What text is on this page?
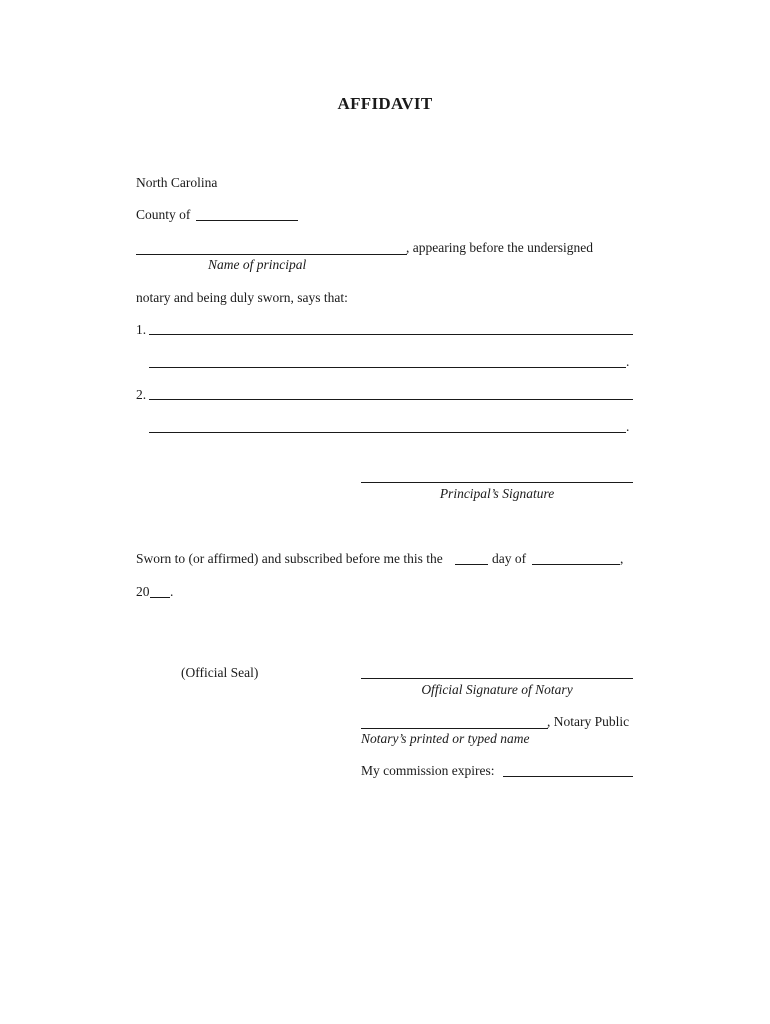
AFFIDAVIT
North Carolina
County of
, appearing before the undersigned
Name of principal
notary and being duly sworn, says that:
1.
.
2.
.
Principal’s Signature
Sworn to (or affirmed) and subscribed before me this the	day of	,
20 .
(Official Seal)
Official Signature of Notary
, Notary Public
Notary’s printed or typed name
My commission expires:
